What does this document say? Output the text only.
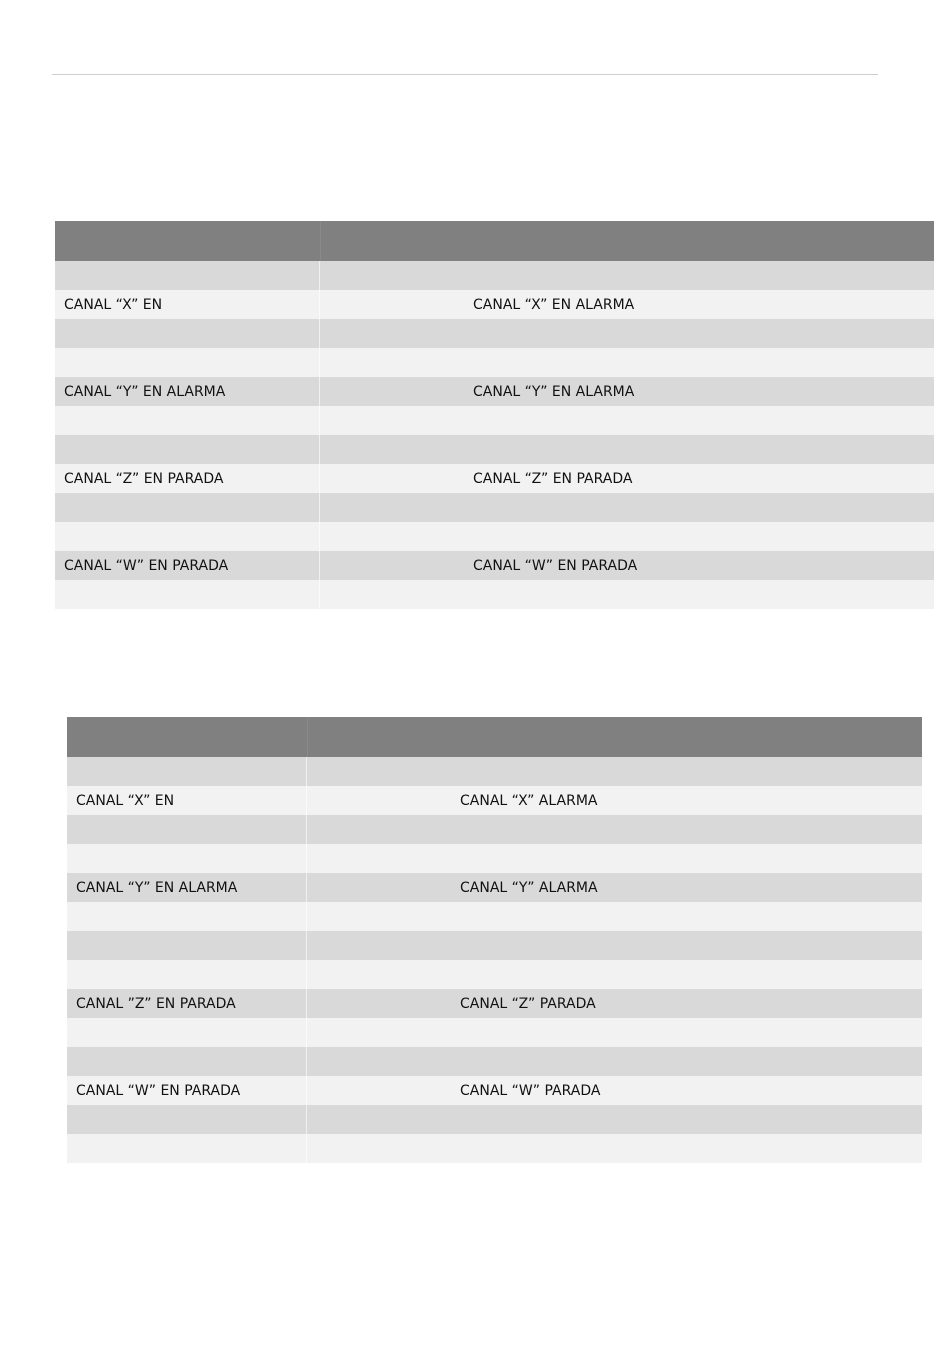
CANAL “X” EN	CANAL “X” EN ALARMA
CANAL “Y” EN ALARMA	CANAL “Y” EN ALARMA
CANAL “Z” EN PARADA	CANAL “Z” EN PARADA
CANAL “W” EN PARADA	CANAL “W” EN PARADA
CANAL “X” EN	CANAL “X” ALARMA
CANAL “Y” EN ALARMA	CANAL “Y” ALARMA
CANAL ”Z” EN PARADA	CANAL “Z” PARADA
CANAL “W” EN PARADA	CANAL “W” PARADA
